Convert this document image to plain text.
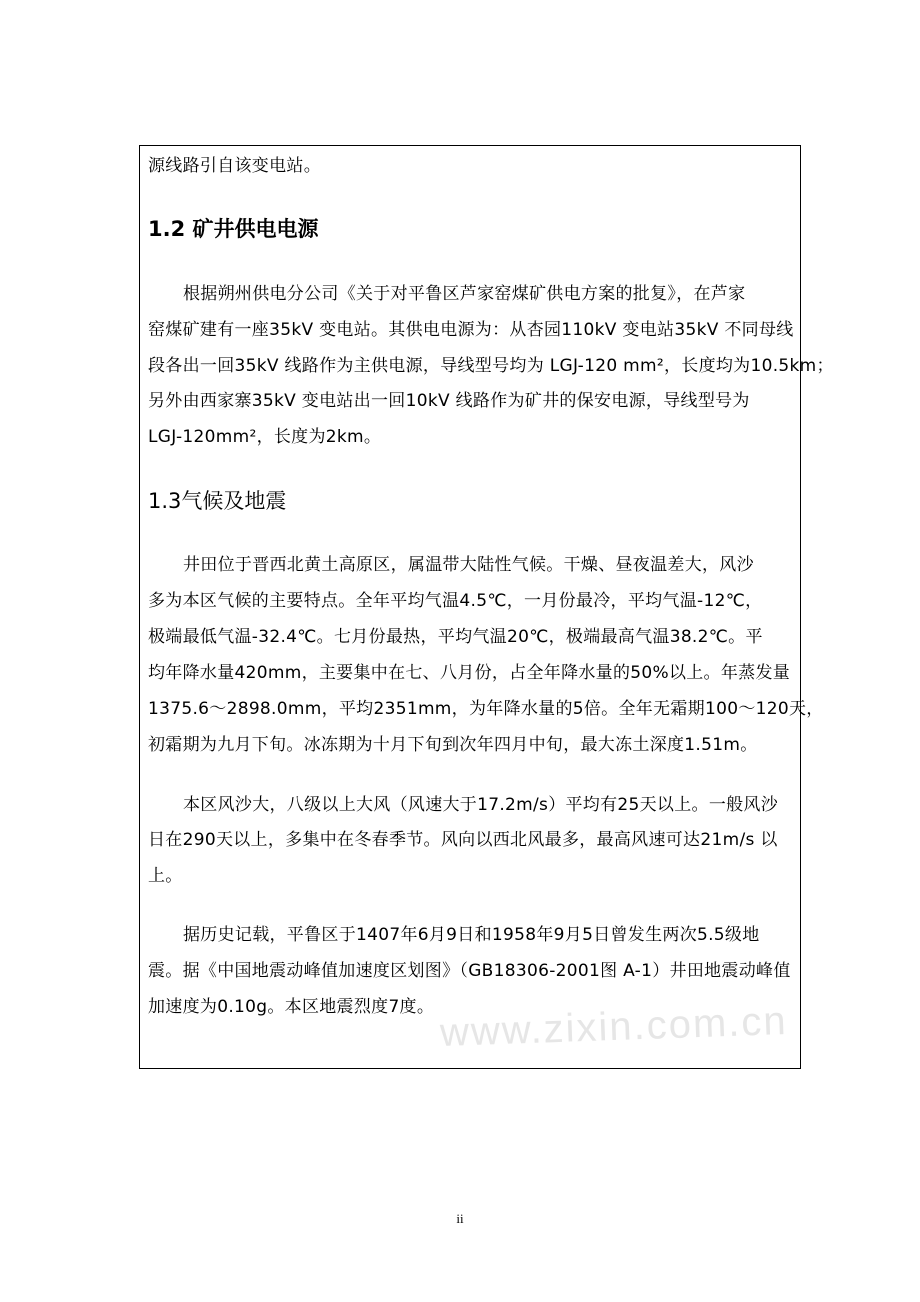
源线路引自该变电站。
1.2 矿井供电电源
根据朔州供电分公司《关于对平鲁区芦家窑煤矿供电方案的批复》，在芦家
窑煤矿建有一座35kV 变电站。其供电电源为：从杏园110kV 变电站35kV 不同母线
段各出一回35kV 线路作为主供电源，导线型号均为 LGJ-120 mm²，长度均为10.5km；
另外由西家寨35kV 变电站出一回10kV 线路作为矿井的保安电源，导线型号为
LGJ-120mm²，长度为2km。
1.3气候及地震
井田位于晋西北黄土高原区，属温带大陆性气候。干燥、昼夜温差大，风沙
多为本区气候的主要特点。全年平均气温4.5℃，一月份最冷，平均气温-12℃，
极端最低气温-32.4℃。七月份最热，平均气温20℃，极端最高气温38.2℃。平
均年降水量420mm，主要集中在七、八月份，占全年降水量的50%以上。年蒸发量
1375.6～2898.0mm，平均2351mm，为年降水量的5倍。全年无霜期100～120天，
初霜期为九月下旬。冰冻期为十月下旬到次年四月中旬，最大冻土深度1.51m。
本区风沙大，八级以上大风（风速大于17.2m/s）平均有25天以上。一般风沙
日在290天以上，多集中在冬春季节。风向以西北风最多，最高风速可达21m/s 以
上。
据历史记载，平鲁区于1407年6月9日和1958年9月5日曾发生两次5.5级地
震。据《中国地震动峰值加速度区划图》（GB18306-2001图 A-1）井田地震动峰值
加速度为0.10g。本区地震烈度7度。 www.zixin.com.cn
ii
